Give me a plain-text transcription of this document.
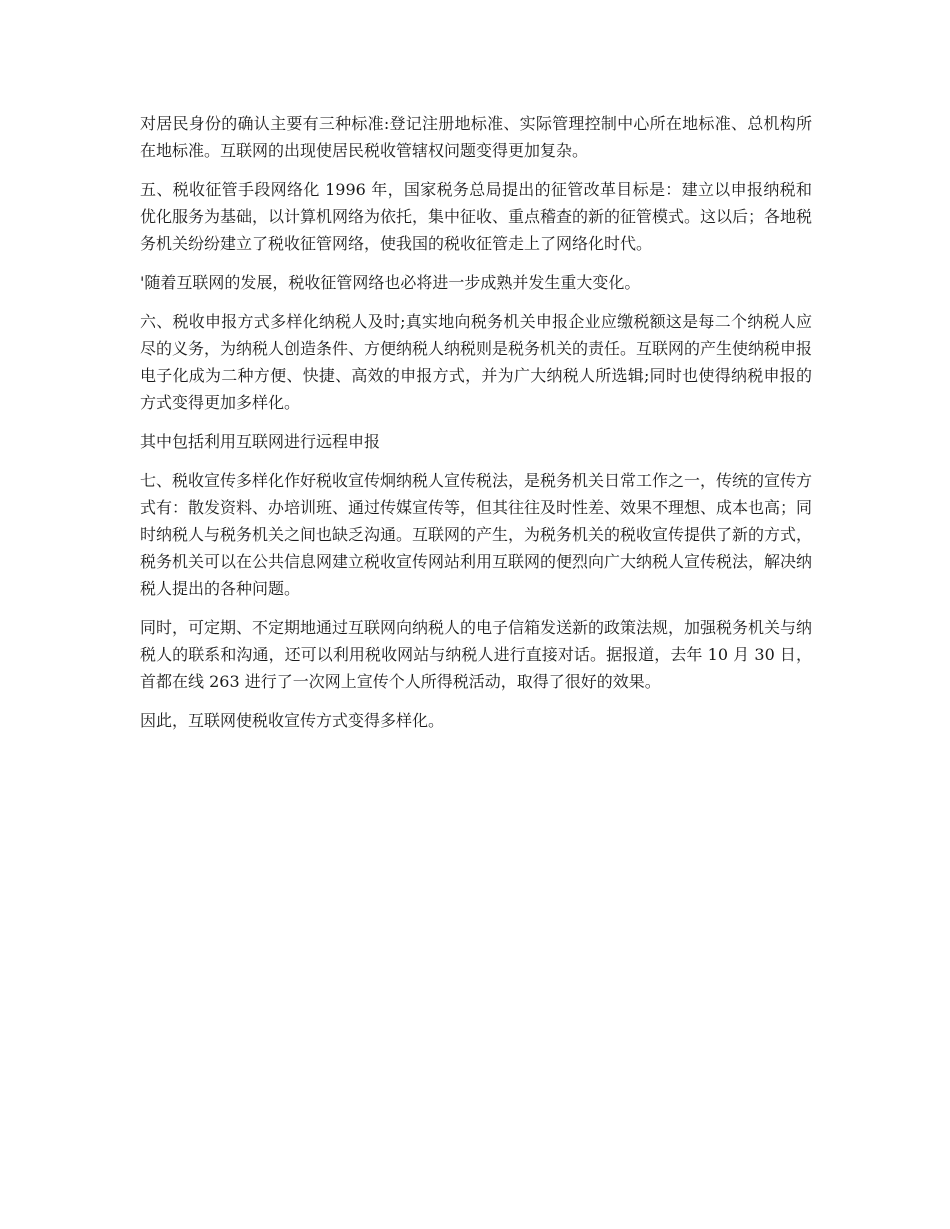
对居民身份的确认主要有三种标准:登记注册地标准、实际管理控制中心所在地标准、总机构所在地标准。互联网的出现使居民税收管辖权问题变得更加复杂。

五、税收征管手段网络化 1996 年，国家税务总局提出的征管改革目标是：建立以申报纳税和优化服务为基础，以计算机网络为依托，集中征收、重点稽查的新的征管模式。这以后；各地税务机关纷纷建立了税收征管网络，使我国的税收征管走上了网络化时代。

'随着互联网的发展，税收征管网络也必将进一步成熟并发生重大变化。

六、税收申报方式多样化纳税人及时;真实地向税务机关申报企业应缴税额这是每二个纳税人应尽的义务，为纳税人创造条件、方便纳税人纳税则是税务机关的责任。互联网的产生使纳税申报电子化成为二种方便、快捷、高效的申报方式，并为广大纳税人所选辑;同时也使得纳税申报的方式变得更加多样化。

其中包括利用互联网进行远程申报

七、税收宣传多样化作好税收宣传炯纳税人宣传税法，是税务机关日常工作之一，传统的宣传方式有：散发资料、办培训班、通过传媒宣传等，但其往往及时性差、效果不理想、成本也高；同时纳税人与税务机关之间也缺乏沟通。互联网的产生，为税务机关的税收宣传提供了新的方式，税务机关可以在公共信息网建立税收宣传网站利用互联网的便烈向广大纳税人宣传税法，解决纳税人提出的各种问题。

同时，可定期、不定期地通过互联网向纳税人的电子信箱发送新的政策法规，加强税务机关与纳税人的联系和沟通，还可以利用税收网站与纳税人进行直接对话。据报道，去年 10 月 30 日，首都在线 263 进行了一次网上宣传个人所得税活动，取得了很好的效果。

因此，互联网使税收宣传方式变得多样化。
